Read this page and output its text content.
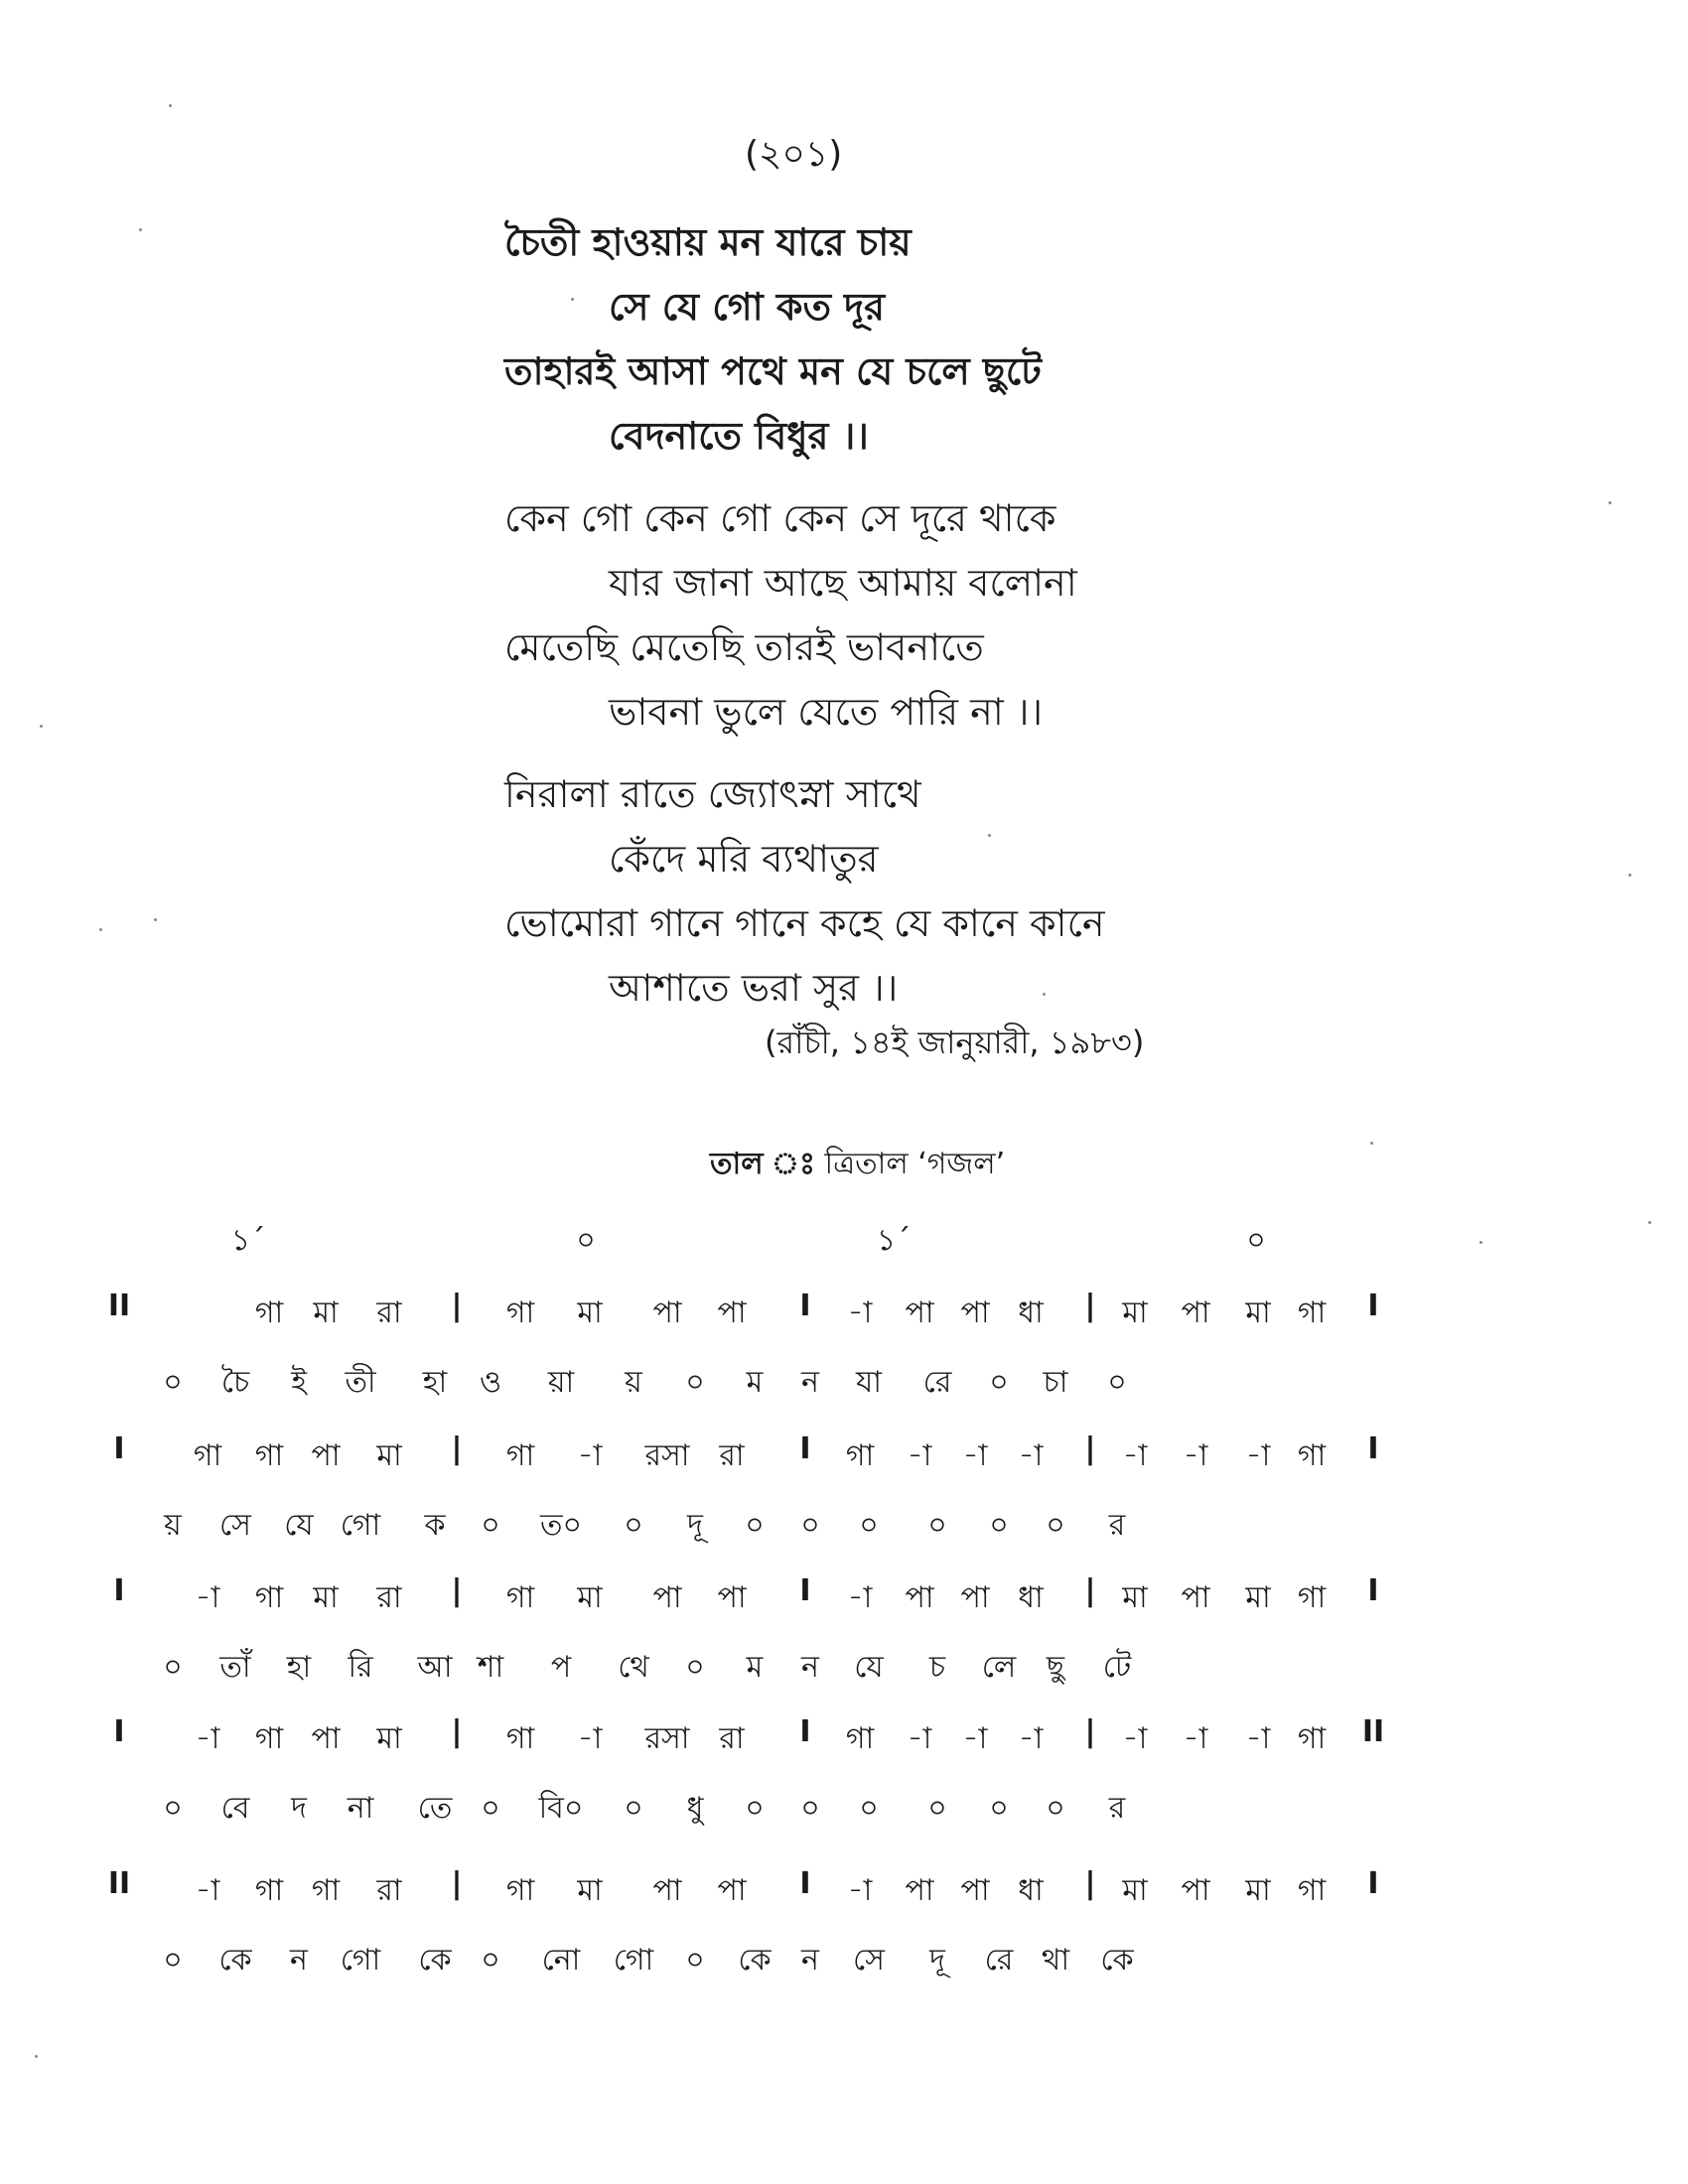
(২০১)
চৈতী হাওয়ায় মন যারে চায়
সে যে গো কত দূর
তাহারই আসা পথে মন যে চলে ছুটে
বেদনাতে বিধুর ।।
কেন গো কেন গো কেন সে দূরে থাকে
যার জানা আছে আমায় বলোনা
মেতেছি মেতেছি তারই ভাবনাতে
ভাবনা ভুলে যেতে পারি না ।।
নিরালা রাতে জ্যোৎস্না সাথে
কেঁদে মরি ব্যথাতুর
ভোমোরা গানে গানে কহে যে কানে কানে
আশাতে ভরা সুর ।।
(রাঁচী, ১৪ই জানুয়ারী, ১৯৮৩)
তাল ঃ ত্রিতাল ‘গজল’
১´	০	১´	০
II	গা মা রা | গা মা পা পা I -া পা পা ধা | মা পা মা গা I
০ চৈ ই তী হা ও য়া য় ০ ম ন যা রে ০ চা ০
I গা গা পা মা | গা -া রসা রা I গা -া -া -া | -া -া -া গা I
য় সে যে গো ক ০ ত০ ০ দূ ০ ০ ০ ০ ০ ০ র
I -া গা মা রা | গা মা পা পা I -া পা পা ধা | মা পা মা গা I
০ তাঁ হা রি আ শা প থে ০ ম ন যে চ লে ছু টে
I -া গা পা মা | গা -া রসা রা I গা -া -া -া | -া -া -া গা II
০ বে দ না তে ০ বি০ ০ ধু ০ ০ ০ ০ ০ ০ র
II -া গা গা রা | গা মা পা পা I -া পা পা ধা | মা পা মা গা I
০ কে ন গো কে ০ নো গো ০ কে ন সে দূ রে থা কে
